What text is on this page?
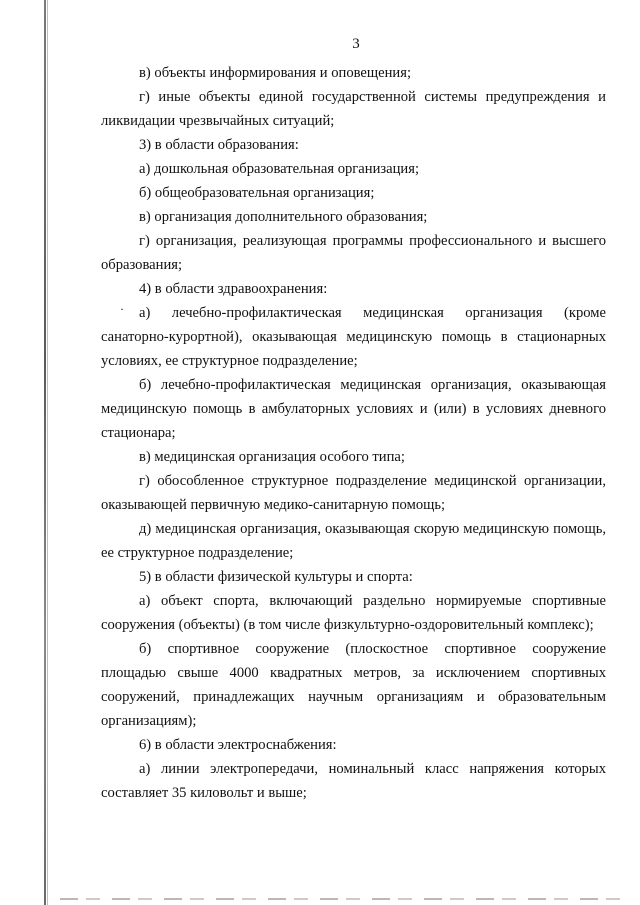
3
·

в) объекты информирования и оповещения;

г) иные объекты единой государственной системы предупреждения и ликвидации чрезвычайных ситуаций;

3) в области образования:

а) дошкольная образовательная организация;

б) общеобразовательная организация;

в) организация дополнительного образования;

г) организация, реализующая программы профессионального и высшего образования;

4) в области здравоохранения:

а) лечебно-профилактическая медицинская организация (кроме санаторно-курортной), оказывающая медицинскую помощь в стационарных условиях, ее структурное подразделение;

б) лечебно-профилактическая медицинская организация, оказывающая медицинскую помощь в амбулаторных условиях и (или) в условиях дневного стационара;

в) медицинская организация особого типа;

г) обособленное структурное подразделение медицинской организации, оказывающей первичную медико-санитарную помощь;

д) медицинская организация, оказывающая скорую медицинскую помощь, ее структурное подразделение;

5) в области физической культуры и спорта:

а) объект спорта, включающий раздельно нормируемые спортивные сооружения (объекты) (в том числе физкультурно-оздоровительный комплекс);

б) спортивное сооружение (плоскостное спортивное сооружение площадью свыше 4000 квадратных метров, за исключением спортивных сооружений, принадлежащих научным организациям и образовательным организациям);

6) в области электроснабжения:

а) линии электропередачи, номинальный класс напряжения которых составляет 35 киловольт и выше;
